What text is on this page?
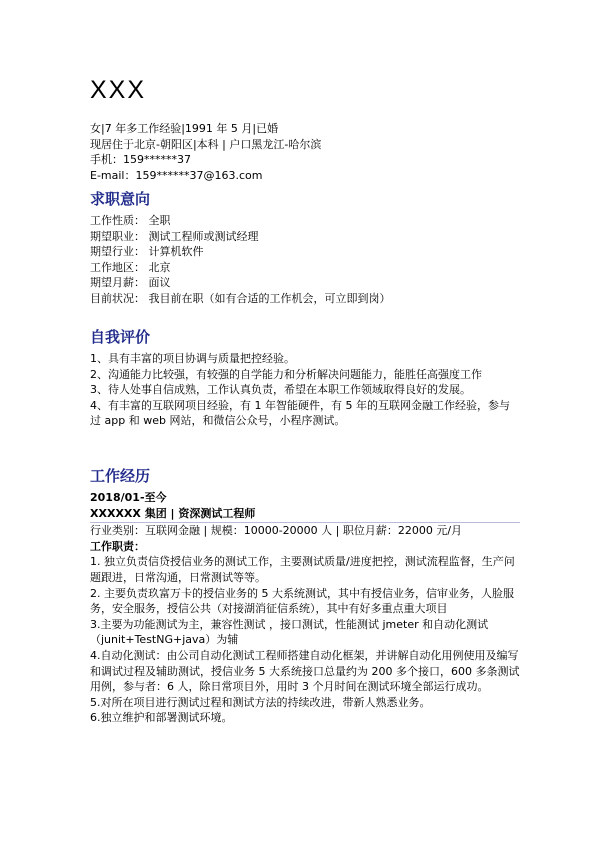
XXX
女|7 年多工作经验|1991 年 5 月|已婚
现居住于北京-朝阳区|本科 | 户口黑龙江-哈尔滨
手机：159******37
E-mail：159******37@163.com
求职意向
工作性质： 全职
期望职业： 测试工程师或测试经理
期望行业： 计算机软件
工作地区： 北京
期望月薪： 面议
目前状况： 我目前在职（如有合适的工作机会，可立即到岗）
自我评价
1、具有丰富的项目协调与质量把控经验。
2、沟通能力比较强，有较强的自学能力和分析解决问题能力，能胜任高强度工作
3、待人处事自信成熟，工作认真负责，希望在本职工作领域取得良好的发展。
4、有丰富的互联网项目经验，有 1 年智能硬件，有 5 年的互联网金融工作经验，参与过 app 和 web 网站，和微信公众号，小程序测试。
工作经历
2018/01-至今
XXXXXX 集团 | 资深测试工程师
行业类别：互联网金融 | 规模：10000-20000 人 | 职位月薪：22000 元/月
工作职责：
1. 独立负责信贷授信业务的测试工作，主要测试质量/进度把控，测试流程监督，生产问题跟进，日常沟通，日常测试等等。
2. 主要负责玖富万卡的授信业务的 5 大系统测试，其中有授信业务，信审业务，人脸服务，安全服务，授信公共（对接湖消征信系统），其中有好多重点重大项目
3.主要为功能测试为主，兼容性测试 ，接口测试，性能测试 jmeter 和自动化测试（junit+TestNG+java）为辅
4.自动化测试：由公司自动化测试工程师搭建自动化框架，并讲解自动化用例使用及编写和调试过程及辅助测试，授信业务 5 大系统接口总量约为 200 多个接口，600 多条测试用例，参与者：6 人，除日常项目外，用时 3 个月时间在测试环境全部运行成功。
5.对所在项目进行测试过程和测试方法的持续改进，带新人熟悉业务。
6.独立维护和部署测试环境。
